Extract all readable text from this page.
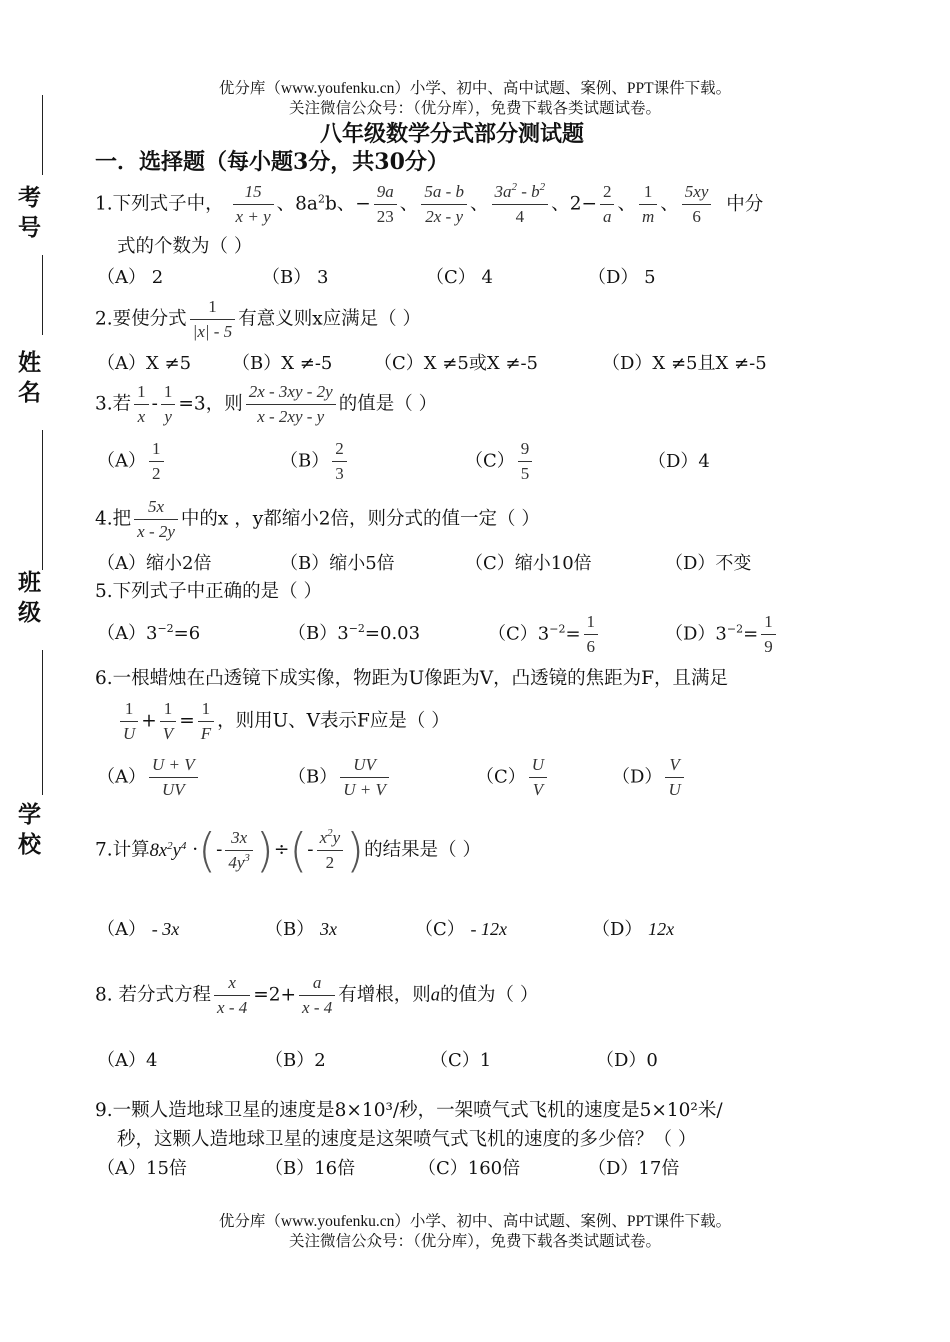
优分库（www.youfenku.cn）小学、初中、高中试题、案例、PPT课件下载。
关注微信公众号：（优分库），免费下载各类试题试卷。
考号
姓名
班级
学校
八年级数学分式部分测试题
一．选择题（每小题3分，共30分）
1.下列式子中， $\frac{15}{x + y}$ 、$8a^2b$、− $\frac{9a}{23}$ 、 $\frac{5a - b}{2x - y}$ 、 $\frac{3a^2 - b^2}{4}$ 、$2- \frac{2}{a}$ 、 $\frac{1}{m}$ 、 $\frac{5xy}{6}$ 中分
式的个数为（ ）
（A） 2	（B） 3	（C） 4	（D） 5
2.要使分式 $\frac{1}{|x| - 5}$ 有意义则x应满足（ ）
（A）X ≠5 （B）X ≠-5 （C）X ≠5或X ≠-5	（D）X ≠5且X ≠-5
3.若 $\frac{1}{x} - \frac{1}{y} =3$，则 $\frac{2x - 3xy - 2y}{x - 2xy - y}$ 的值是（ ）
$(A) \frac{1}{2}$	$(B) \frac{2}{3}$	$(C) \frac{9}{5}$	（D）4
4.把 $\frac{5x}{x - 2y}$ 中的x ，y都缩小2倍，则分式的值一定（ ）
（A）缩小2倍	（B）缩小5倍	（C）缩小10倍	（D）不变
5.下列式子中正确的是（ ）
$(A)3^{-2}=6$	$(B)3^{-2}=0.03$	$(C)3^{-2}= \frac{1}{6}$	$(D)3^{-2}= \frac{1}{9}$
6.一根蜡烛在凸透镜下成实像，物距为U像距为V，凸透镜的焦距为F，且满足
$\frac{1}{U} + \frac{1}{V} = \frac{1}{F}$ ，则用U、V表示F应是（ ）
$(A) \frac{U + V}{UV}$	$(B) \frac{UV}{U + V}$	$(C) \frac{U}{V}$	$(D) \frac{V}{U}$
7.计算$8x^2y^4$ ·(- $\frac{3x}{4y^3}$ )÷(- $\frac{x^2y}{2}$ )的结果是（ ）
（A） - 3x	（B） 3x	（C） - 12x	（D） 12x
8. 若分式方程 $\frac{x}{x - 4} =2+ \frac{a}{x - 4}$ 有增根，则a的值为（ ）
（A）4	（B）2	（C）1	（D）0
9.一颗人造地球卫星的速度是8×10³/秒，一架喷气式飞机的速度是5×10²米/
秒，这颗人造地球卫星的速度是这架喷气式飞机的速度的多少倍？（ ）
（A）15倍	（B）16倍	（C）160倍	（D）17倍
优分库（www.youfenku.cn）小学、初中、高中试题、案例、PPT课件下载。
关注微信公众号：（优分库），免费下载各类试题试卷。
